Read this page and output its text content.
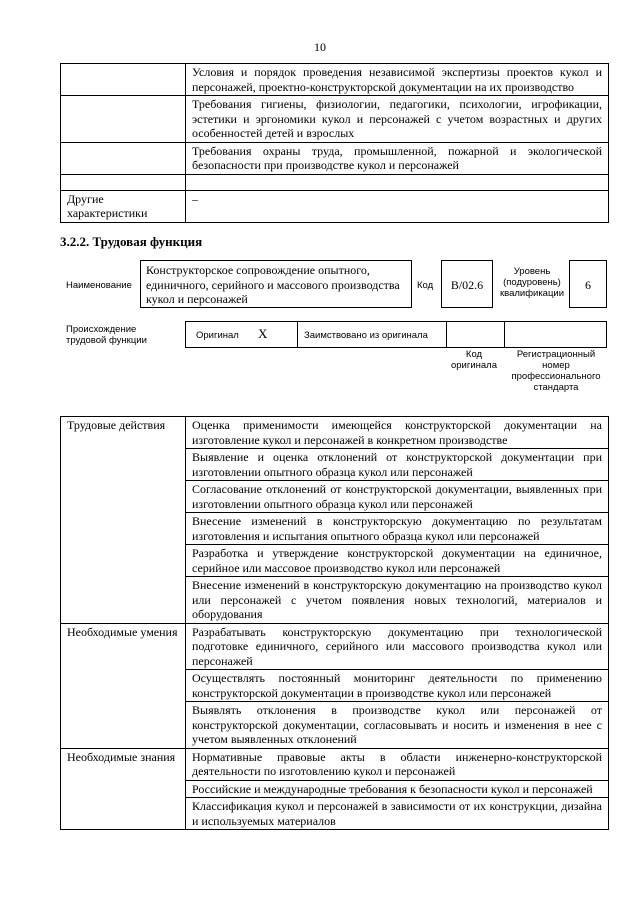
10
	Условия и порядок проведения независимой экспертизы проектов кукол и персонажей, проектно-конструкторской документации на их производство
	Требования гигиены, физиологии, педагогики, психологии, игрофикации, эстетики и эргономики кукол и персонажей с учетом возрастных и других особенностей детей и взрослых
	Требования охраны труда, промышленной, пожарной и экологической безопасности при производстве кукол и персонажей

Другие характеристики	–
3.2.2. Трудовая функция
Наименование
Конструкторское сопровождение опытного, единичного, серийного и массового производства кукол и персонажей
Код	B/02.6
Уровень (подуровень) квалификации
6
Происхождение трудовой функции	Оригинал X	Заимствовано из оригинала
Код оригинала
Регистрационный номер профессионального стандарта
Трудовые действия	Оценка применимости имеющейся конструкторской документации на изготовление кукол и персонажей в конкретном производстве
	Выявление и оценка отклонений от конструкторской документации при изготовлении опытного образца кукол или персонажей
	Согласование отклонений от конструкторской документации, выявленных при изготовлении опытного образца кукол или персонажей
	Внесение изменений в конструкторскую документацию по результатам изготовления и испытания опытного образца кукол или персонажей
	Разработка и утверждение конструкторской документации на единичное, серийное или массовое производство кукол или персонажей
	Внесение изменений в конструкторскую документацию на производство кукол или персонажей с учетом появления новых технологий, материалов и оборудования
Необходимые умения	Разрабатывать конструкторскую документацию при технологической подготовке единичного, серийного или массового производства кукол или персонажей
	Осуществлять постоянный мониторинг деятельности по применению конструкторской документации в производстве кукол или персонажей
	Выявлять отклонения в производстве кукол или персонажей от конструкторской документации, согласовывать и носить и изменения в нее с учетом выявленных отклонений
Необходимые знания	Нормативные правовые акты в области инженерно-конструкторской деятельности по изготовлению кукол и персонажей
	Российские и международные требования к безопасности кукол и персонажей
	Классификация кукол и персонажей в зависимости от их конструкции, дизайна и используемых материалов
